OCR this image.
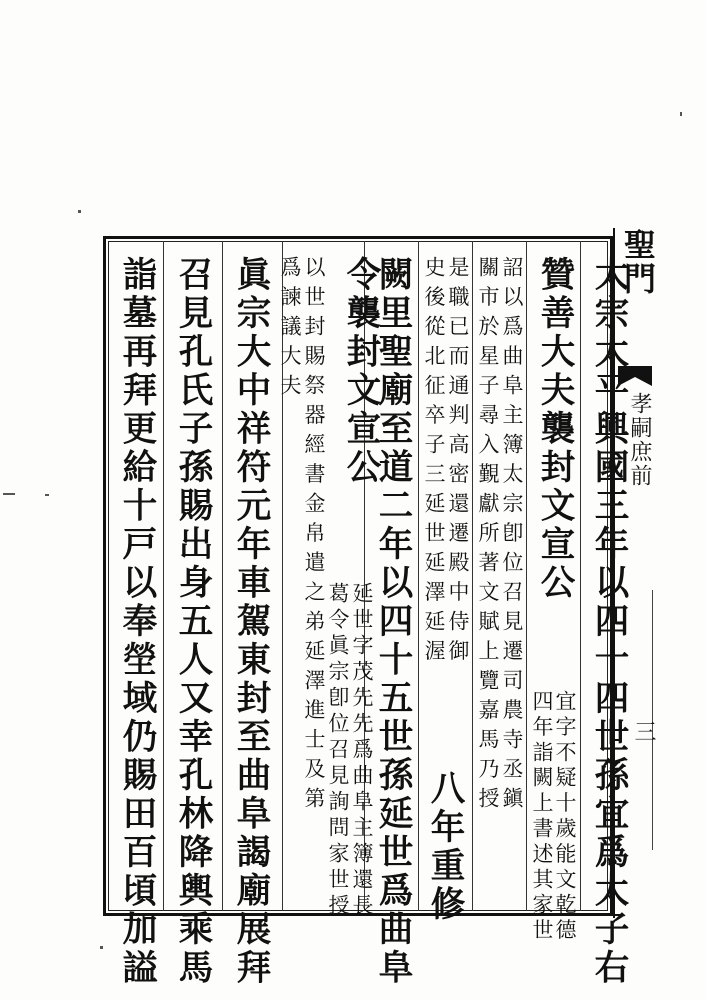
聖門
孝嗣庶前
三
太宗太平興國三年以四十四世孫宜爲太子右
贊善大夫襲封文宣公
宜字不疑十歲能文乾德
四年詣闕上書述其家世
詔以爲曲阜主簿太宗卽位召見遷司農寺丞鎭
關市於星子尋入覲獻所著文賦上覽嘉馬乃授
是職已而通判高密還遷殿中侍御
史後從北征卒子三延世延澤延渥
八年重修
闕里聖廟至道二年以四十五世孫延世爲曲阜
令襲封文宣公
延世字茂先先爲曲阜主簿還長
葛令眞宗卽位召見詢問家世授
以世封賜祭器經書金帛遣之弟延澤進士及第
爲諫議大夫
眞宗大中祥符元年車駕東封至曲阜謁廟展拜
召見孔氏子孫賜出身五人又幸孔林降輿乘馬
詣墓再拜更給十戸以奉塋域仍賜田百頃加謚
